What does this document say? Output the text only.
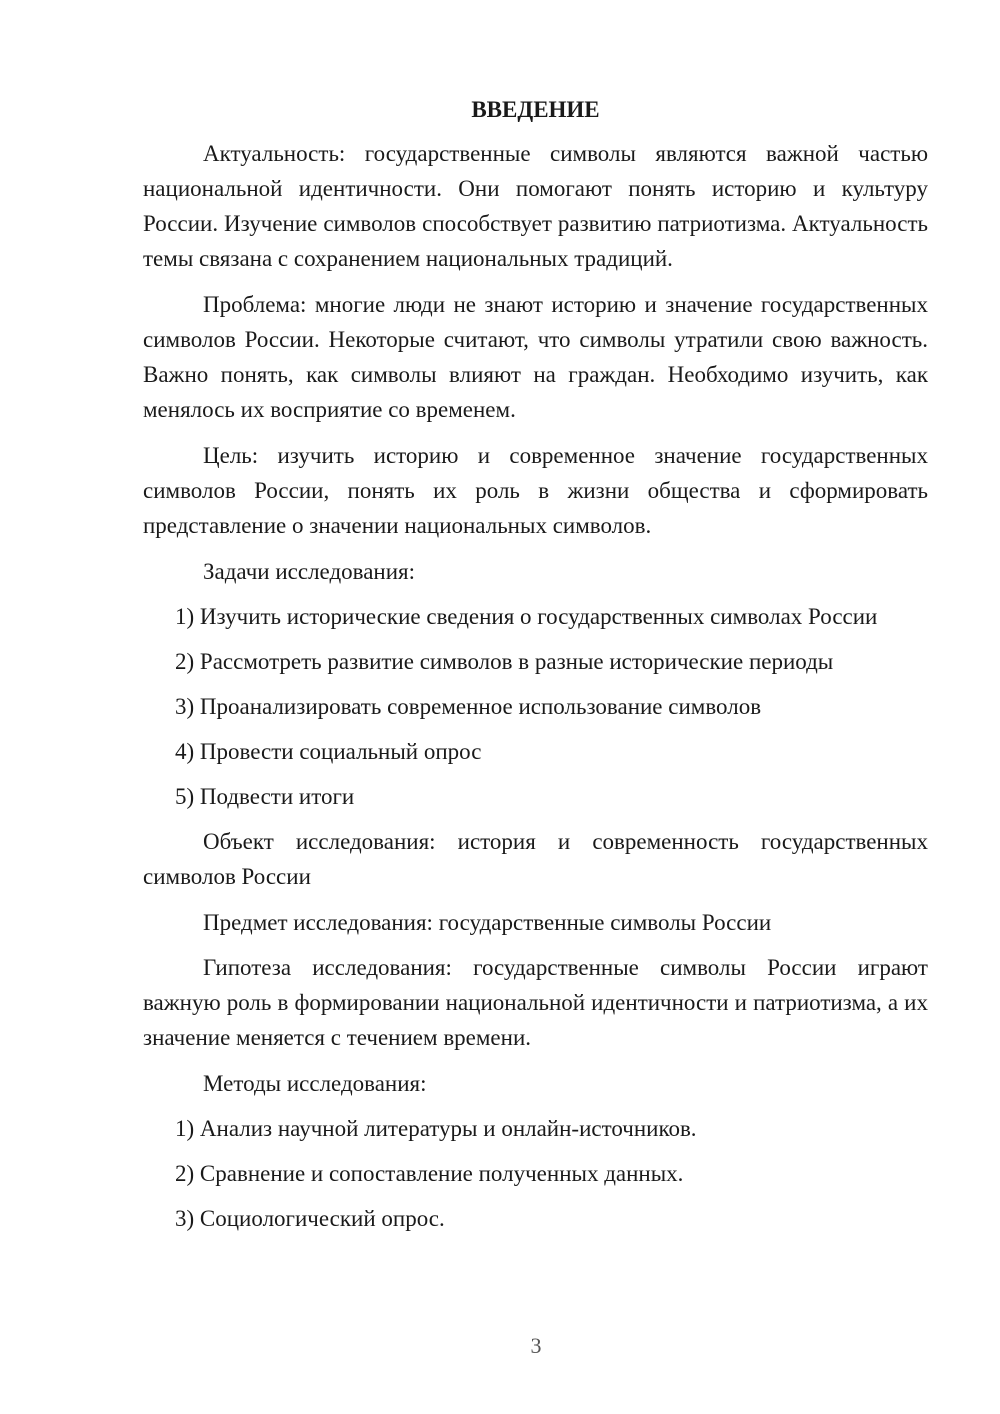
ВВЕДЕНИЕ

Актуальность: государственные символы являются важной частью национальной идентичности. Они помогают понять историю и культуру России. Изучение символов способствует развитию патриотизма. Актуальность темы связана с сохранением национальных традиций.

Проблема: многие люди не знают историю и значение государственных символов России. Некоторые считают, что символы утратили свою важность. Важно понять, как символы влияют на граждан. Необходимо изучить, как менялось их восприятие со временем.

Цель: изучить историю и современное значение государственных символов России, понять их роль в жизни общества и сформировать представление о значении национальных символов.

Задачи исследования:

1) Изучить исторические сведения о государственных символах России

2) Рассмотреть развитие символов в разные исторические периоды

3) Проанализировать современное использование символов

4) Провести социальный опрос

5) Подвести итоги

Объект исследования: история и современность государственных символов России

Предмет исследования: государственные символы России

Гипотеза исследования: государственные символы России играют важную роль в формировании национальной идентичности и патриотизма, а их значение меняется с течением времени.

Методы исследования:

1) Анализ научной литературы и онлайн-источников.

2) Сравнение и сопоставление полученных данных.

3) Социологический опрос.

3
